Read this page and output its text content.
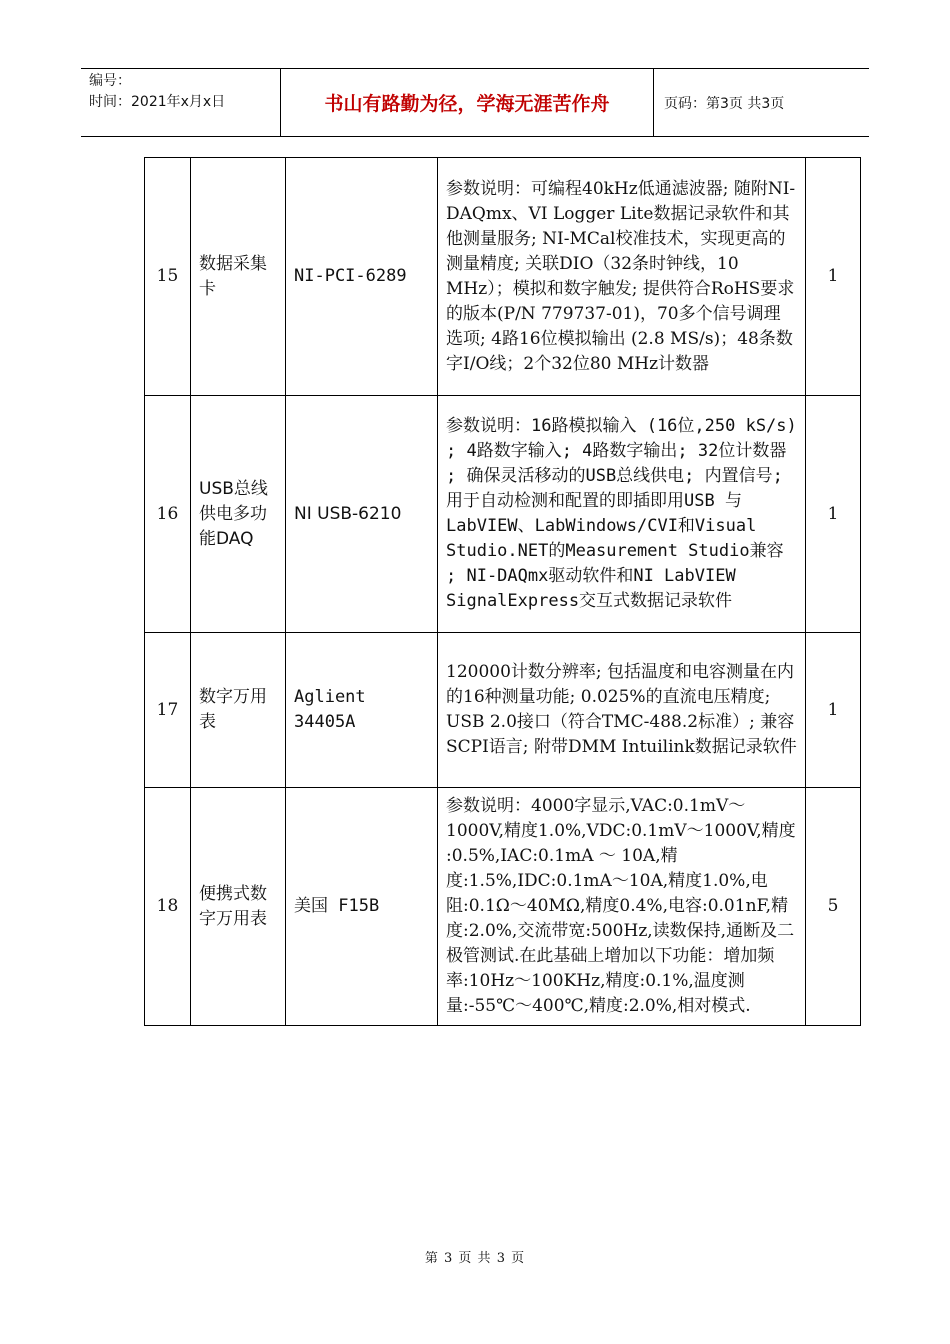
编号：
时间：2021年x月x日	书山有路勤为径，学海无涯苦作舟	页码：第3页 共3页
15	数据采集卡	NI-PCI-6289	参数说明：可编程40kHz低通滤波器; 随附NI-DAQmx、VI Logger Lite数据记录软件和其他测量服务; NI-MCal校准技术，实现更高的测量精度; 关联DIO（32条时钟线，10 MHz）；模拟和数字触发; 提供符合RoHS要求的版本(P/N 779737-01)，70多个信号调理选项; 4路16位模拟输出 (2.8 MS/s)；48条数字I/O线；2个32位80 MHz计数器	1
16	USB总线供电多功能DAQ	NI USB-6210	参数说明：16路模拟输入 (16位,250 kS/s) ; 4路数字输入; 4路数字输出; 32位计数器 ; 确保灵活移动的USB总线供电; 内置信号; 用于自动检测和配置的即插即用USB 与 LabVIEW、LabWindows/CVI和Visual Studio.NET的Measurement Studio兼容 ; NI-DAQmx驱动软件和NI LabVIEW SignalExpress交互式数据记录软件	1
17	数字万用表	Aglient 34405A	120000计数分辨率; 包括温度和电容测量在内的16种测量功能; 0.025%的直流电压精度; USB 2.0接口（符合TMC-488.2标准）; 兼容SCPI语言; 附带DMM Intuilink数据记录软件	1
18	便携式数字万用表	美国 F15B	参数说明：4000字显示,VAC:0.1mV～1000V,精度1.0%,VDC:0.1mV～1000V,精度 :0.5%,IAC:0.1mA ～ 10A,精度:1.5%,IDC:0.1mA～10A,精度1.0%,电阻:0.1Ω～40MΩ,精度0.4%,电容:0.01nF,精度:2.0%,交流带宽:500Hz,读数保持,通断及二极管测试.在此基础上增加以下功能：增加频率:10Hz～100KHz,精度:0.1%,温度测量:-55℃～400℃,精度:2.0%,相对模式.	5
第 3 页 共 3 页
